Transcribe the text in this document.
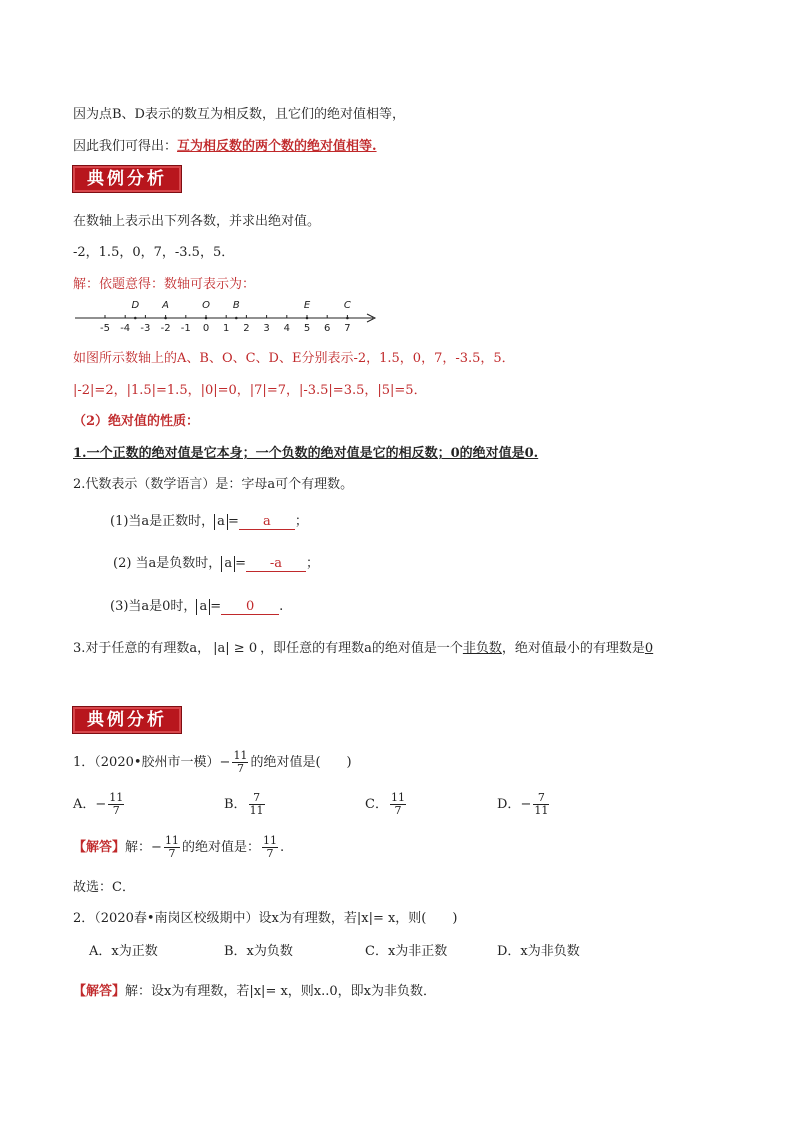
因为点B、D表示的数互为相反数，且它们的绝对值相等，
因此我们可得出：互为相反数的两个数的绝对值相等.
典例分析
在数轴上表示出下列各数，并求出绝对值。
-2，1.5，0，7，-3.5，5．
解：依题意得：数轴可表示为：
-5 -4 -3 -2 -1 0 1 2 3 4 5 6 7
D A	O B	E	C
如图所示数轴上的A、B、O、C、D、E分别表示-2，1.5，0，7，-3.5，5．
|-2|=2，|1.5|=1.5，|0|=0，|7|=7，|-3.5|=3.5，|5|=5．
（2）绝对值的性质：
1.一个正数的绝对值是它本身；一个负数的绝对值是它的相反数；0的绝对值是0.
2.代数表示（数学语言）是：字母a可个有理数。
(1)当a是正数时， a = a ；
(2) 当a是负数时， a = -a ；
(3)当a是0时， a = 0 .
3.对于任意的有理数a， |a| ≥ 0 ，即任意的有理数a的绝对值是一个非负数，绝对值最小的有理数是0
典例分析
1．（2020•胶州市一模）− $\frac{11}{7}$ 的绝对值是(　　)
A．− $\frac{11}{7}$	B． $\frac{7}{11}$	C． $\frac{11}{7}$	D．− $\frac{7}{11}$
【解答】解：− $\frac{11}{7}$ 的绝对值是： $\frac{11}{7}$ .
故选：C．
2．（2020春•南岗区校级期中）设x为有理数，若|x|= x，则(　　)
A．x为正数	B．x为负数	C．x为非正数	D．x为非负数
【解答】解：设x为有理数，若|x|= x，则x..0，即x为非负数．
